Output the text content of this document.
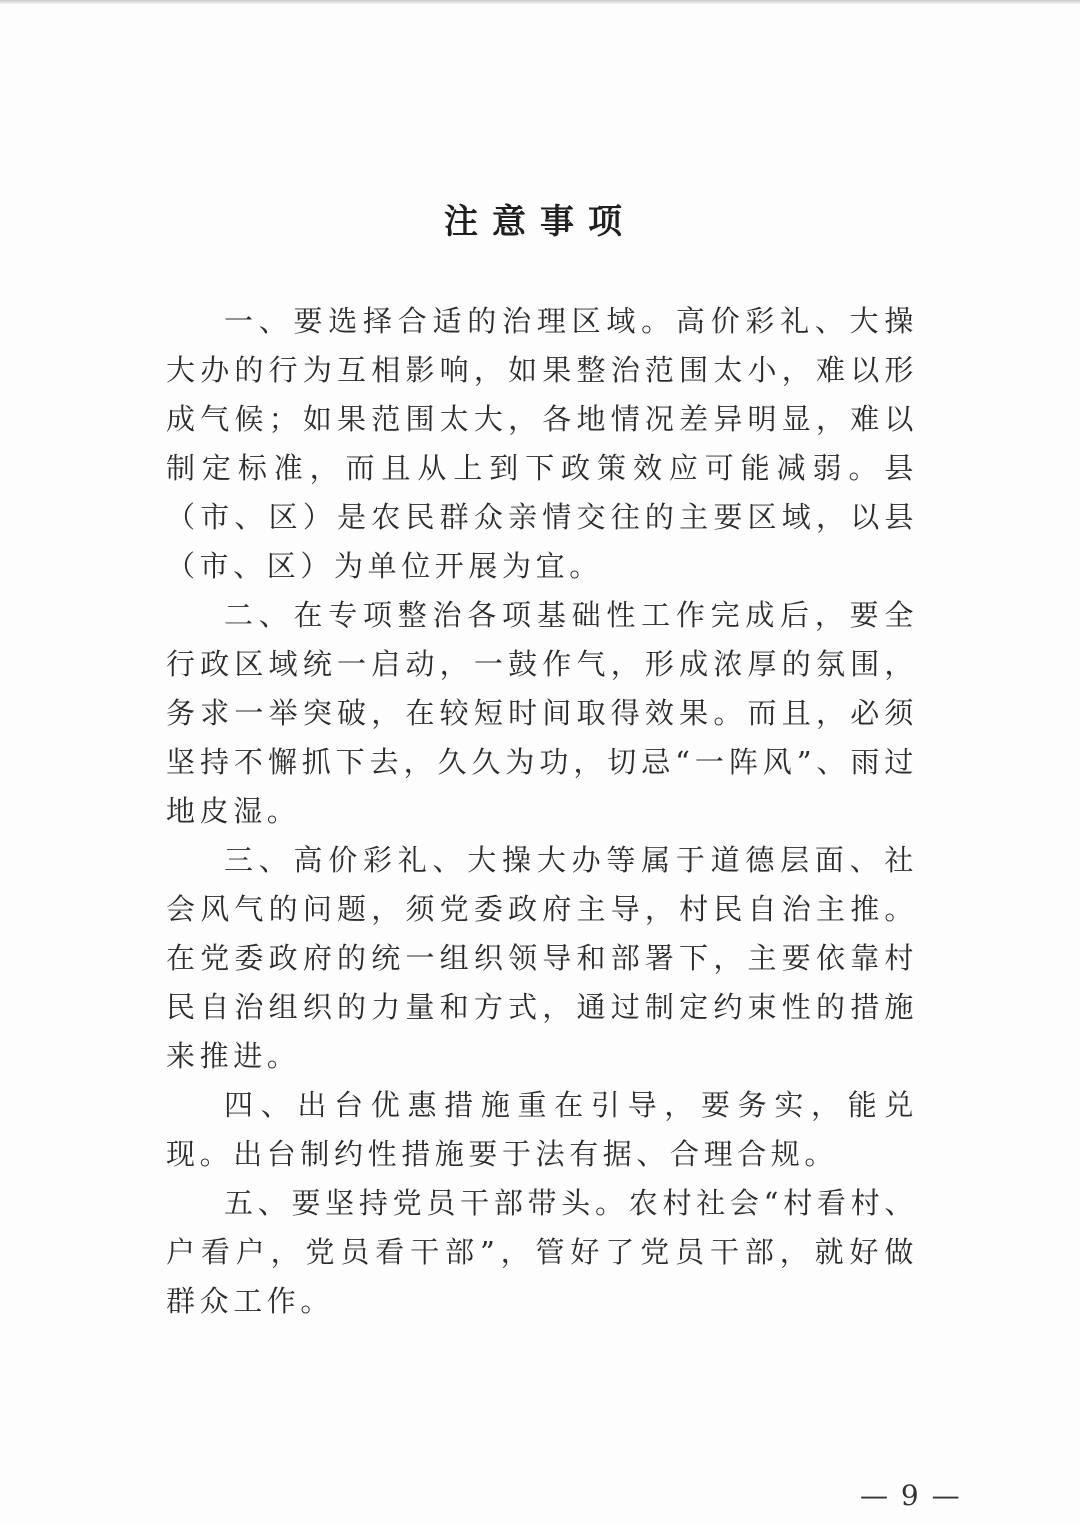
注意事项

一、要选择合适的治理区域。高价彩礼、大操大办的行为互相影响，如果整治范围太小，难以形成气候；如果范围太大，各地情况差异明显，难以制定标准，而且从上到下政策效应可能减弱。县（市、区）是农民群众亲情交往的主要区域，以县（市、区）为单位开展为宜。

二、在专项整治各项基础性工作完成后，要全行政区域统一启动，一鼓作气，形成浓厚的氛围，务求一举突破，在较短时间取得效果。而且，必须坚持不懈抓下去，久久为功，切忌“一阵风”、雨过地皮湿。

三、高价彩礼、大操大办等属于道德层面、社会风气的问题，须党委政府主导，村民自治主推。在党委政府的统一组织领导和部署下，主要依靠村民自治组织的力量和方式，通过制定约束性的措施来推进。

四、出台优惠措施重在引导，要务实，能兑现。出台制约性措施要于法有据、合理合规。

五、要坚持党员干部带头。农村社会“村看村、户看户，党员看干部”，管好了党员干部，就好做群众工作。

— 9 —
